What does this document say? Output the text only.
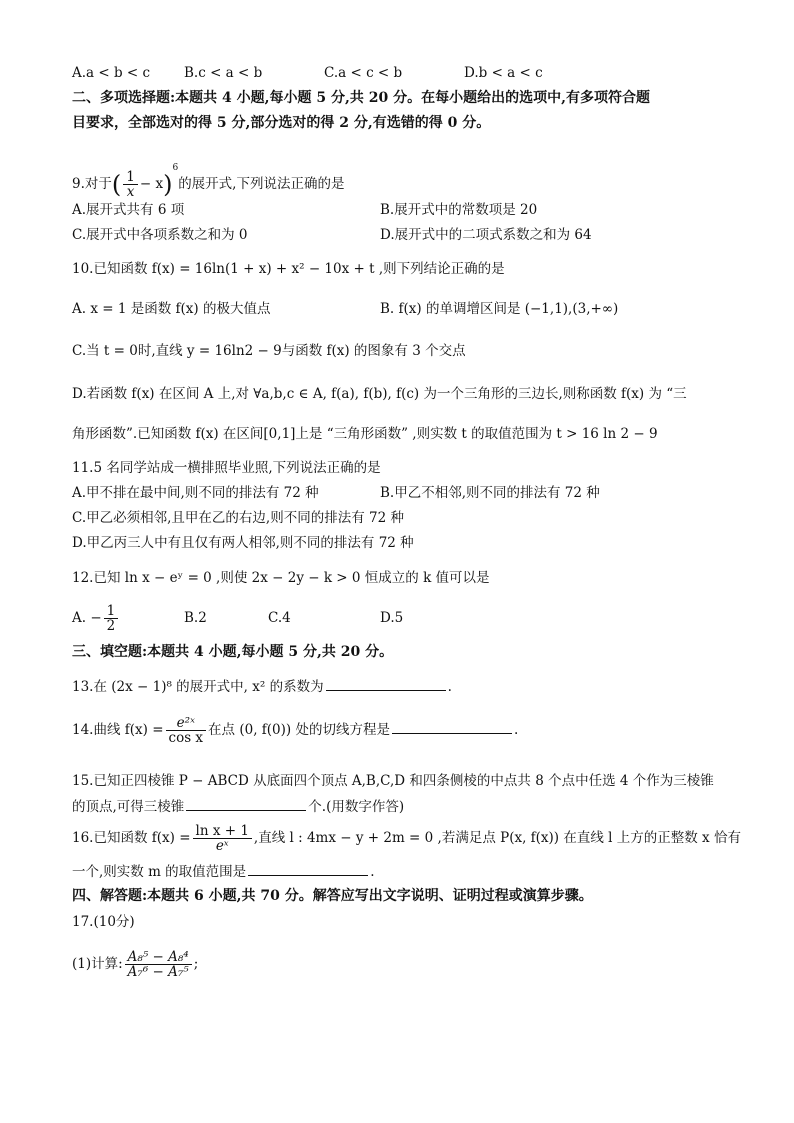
A.a < b < c	B.c < a < b	C.a < c < b	D.b < a < c
二、多项选择题:本题共 4 小题,每小题 5 分,共 20 分。在每小题给出的选项中,有多项符合题
目要求，全部选对的得 5 分,部分选对的得 2 分,有选错的得 0 分。
9.对于( $\frac{1}{x} - x)^6$的展开式,下列说法正确的是
A.展开式共有 6 项	B.展开式中的常数项是 20
C.展开式中各项系数之和为 0	D.展开式中的二项式系数之和为 64
10.已知函数 f(x) = 16ln(1 + x) + x² − 10x + t ,则下列结论正确的是
A. x = 1 是函数 f(x) 的极大值点	B. f(x) 的单调增区间是 (−1,1),(3,+∞)
C.当 t = 0时,直线 y = 16ln2 − 9与函数 f(x) 的图象有 3 个交点
D.若函数 f(x) 在区间 A 上,对 ∀a,b,c ∈ A, f(a), f(b), f(c) 为一个三角形的三边长,则称函数 f(x) 为 “三
角形函数”.已知函数 f(x) 在区间[0,1]上是 “三角形函数” ,则实数 t 的取值范围为 t > 16 ln 2 − 9
11.5 名同学站成一横排照毕业照,下列说法正确的是
A.甲不排在最中间,则不同的排法有 72 种	B.甲乙不相邻,则不同的排法有 72 种
C.甲乙必须相邻,且甲在乙的右边,则不同的排法有 72 种
D.甲乙丙三人中有且仅有两人相邻,则不同的排法有 72 种
12.已知 ln x − eʸ = 0 ,则使 2x − 2y − k > 0 恒成立的 k 值可以是
A. − $\frac{1}{2}$	B.2	C.4	D.5
三、填空题:本题共 4 小题,每小题 5 分,共 20 分。
13.在 (2x − 1)⁸ 的展开式中, x² 的系数为	.
14.曲线 $f(x) = \frac{\text{e²ˣ}}{\text{cos x}}$ 在点 (0, f(0)) 处的切线方程是	.
15.已知正四棱锥 P − ABCD 从底面四个顶点 A,B,C,D 和四条侧棱的中点共 8 个点中任选 4 个作为三棱锥
的顶点,可得三棱锥	个.(用数字作答)
16.已知函数 $f(x) = \frac{\text{ln x + 1}}{\text{eˣ}}$ ,直线 l : 4mx − y + 2m = 0 ,若满足点 P(x, f(x)) 在直线 l 上方的正整数 x 恰有
一个,则实数 m 的取值范围是	.
四、解答题:本题共 6 小题,共 70 分。解答应写出文字说明、证明过程或演算步骤。
17.(10分)
(1)计算: $\frac{\text{A₈⁵ − A₈⁴}}{\text{A₇⁶ − A₇⁵}}$ ;
